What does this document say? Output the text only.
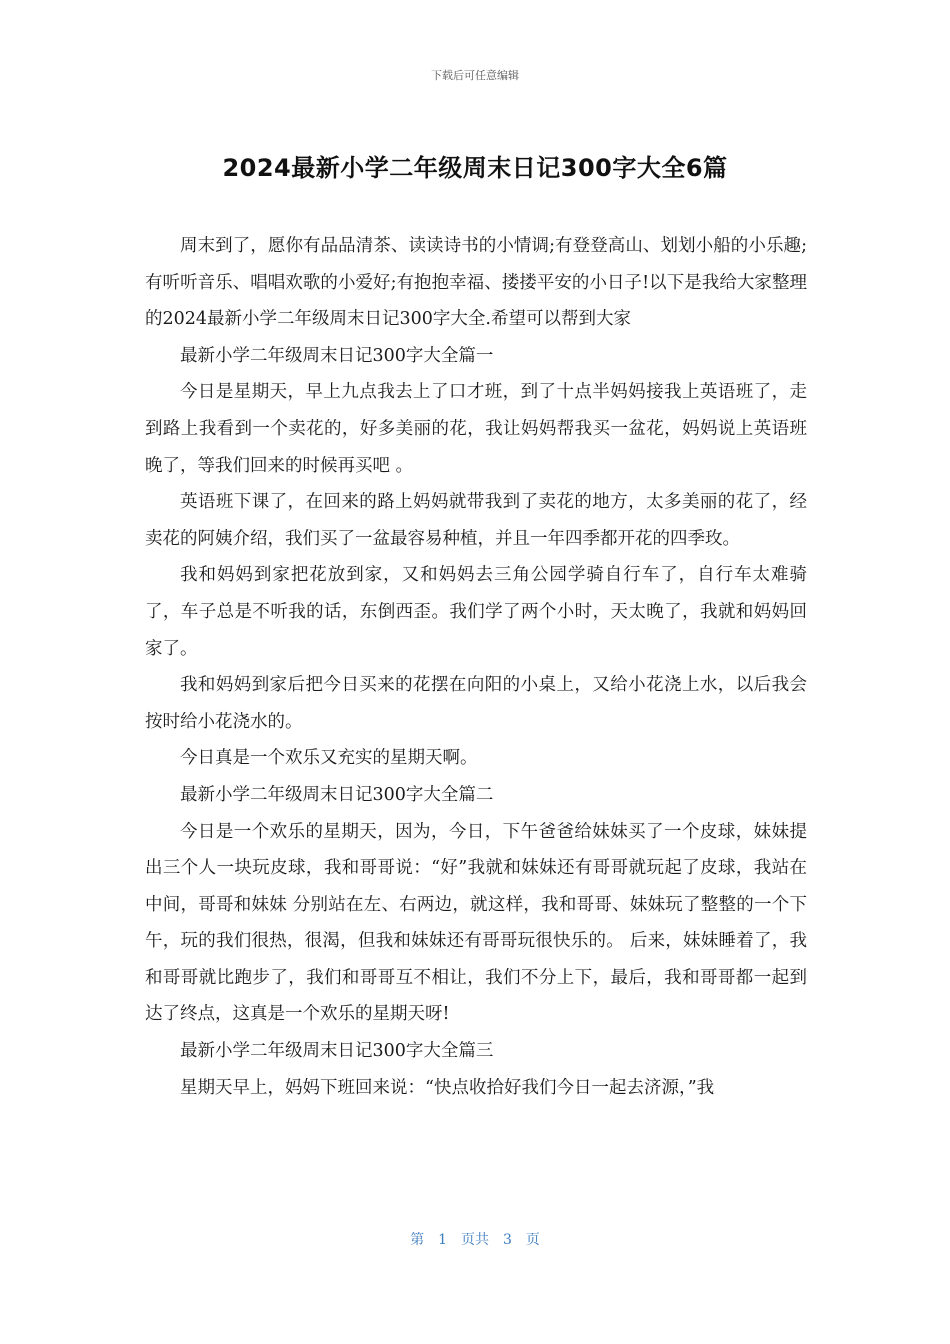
下载后可任意编辑
2024最新小学二年级周末日记300字大全6篇

周末到了，愿你有品品清茶、读读诗书的小情调;有登登高山、划划小船的小乐趣;有听听音乐、唱唱欢歌的小爱好;有抱抱幸福、搂搂平安的小日子!以下是我给大家整理的2024最新小学二年级周末日记300字大全.希望可以帮到大家

最新小学二年级周末日记300字大全篇一

今日是星期天，早上九点我去上了口才班，到了十点半妈妈接我上英语班了，走到路上我看到一个卖花的，好多美丽的花，我让妈妈帮我买一盆花，妈妈说上英语班晚了，等我们回来的时候再买吧 。

英语班下课了，在回来的路上妈妈就带我到了卖花的地方，太多美丽的花了，经卖花的阿姨介绍，我们买了一盆最容易种植，并且一年四季都开花的四季玫。

我和妈妈到家把花放到家，又和妈妈去三角公园学骑自行车了，自行车太难骑了，车子总是不听我的话，东倒西歪。我们学了两个小时，天太晚了，我就和妈妈回家了。

我和妈妈到家后把今日买来的花摆在向阳的小桌上，又给小花浇上水，以后我会按时给小花浇水的。

今日真是一个欢乐又充实的星期天啊。

最新小学二年级周末日记300字大全篇二

今日是一个欢乐的星期天，因为，今日，下午爸爸给妹妹买了一个皮球，妹妹提出三个人一块玩皮球，我和哥哥说：“好”我就和妹妹还有哥哥就玩起了皮球，我站在中间，哥哥和妹妹 分别站在左、右两边，就这样，我和哥哥、妹妹玩了整整的一个下午，玩的我们很热，很渴，但我和妹妹还有哥哥玩很快乐的。 后来，妹妹睡着了，我和哥哥就比跑步了，我们和哥哥互不相让，我们不分上下，最后，我和哥哥都一起到达了终点，这真是一个欢乐的星期天呀!

最新小学二年级周末日记300字大全篇三

星期天早上，妈妈下班回来说：“快点收拾好我们今日一起去济源，”我

第 1 页共 3 页
